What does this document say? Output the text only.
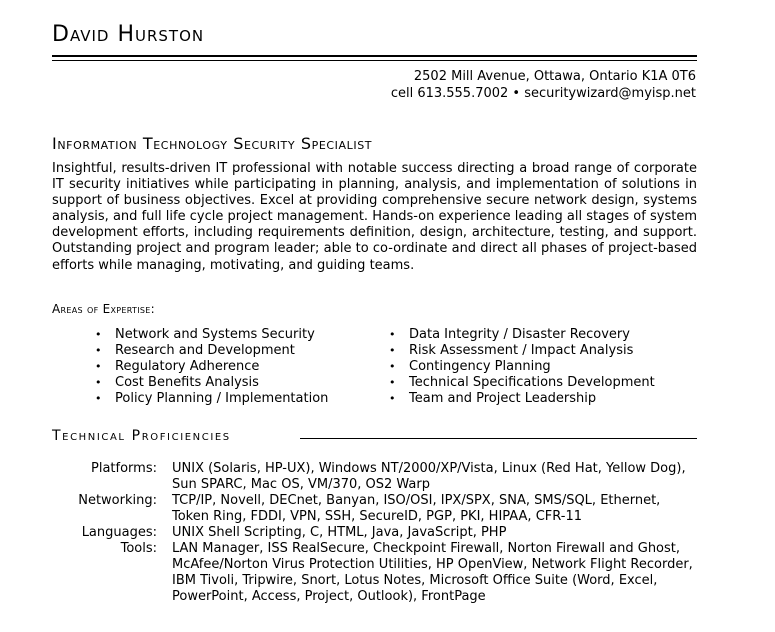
David Hurston
2502 Mill Avenue, Ottawa, Ontario K1A 0T6
cell 613.555.7002 • securitywizard@myisp.net
Information Technology Security Specialist

Insightful, results-driven IT professional with notable success directing a broad range of corporate IT security initiatives while participating in planning, analysis, and implementation of solutions in support of business objectives. Excel at providing comprehensive secure network design, systems analysis, and full life cycle project management. Hands-on experience leading all stages of system development efforts, including requirements definition, design, architecture, testing, and support. Outstanding project and program leader; able to co-ordinate and direct all phases of project-based efforts while managing, motivating, and guiding teams.

Areas of Expertise:
• Network and Systems Security
• Research and Development
• Regulatory Adherence
• Cost Benefits Analysis
• Policy Planning / Implementation
• Data Integrity / Disaster Recovery
• Risk Assessment / Impact Analysis
• Contingency Planning
• Technical Specifications Development
• Team and Project Leadership
Technical Proficiencies
Platforms: UNIX (Solaris, HP-UX), Windows NT/2000/XP/Vista, Linux (Red Hat, Yellow Dog), Sun SPARC, Mac OS, VM/370, OS2 Warp
Networking: TCP/IP, Novell, DECnet, Banyan, ISO/OSI, IPX/SPX, SNA, SMS/SQL, Ethernet, Token Ring, FDDI, VPN, SSH, SecureID, PGP, PKI, HIPAA, CFR-11
Languages: UNIX Shell Scripting, C, HTML, Java, JavaScript, PHP
Tools: LAN Manager, ISS RealSecure, Checkpoint Firewall, Norton Firewall and Ghost, McAfee/Norton Virus Protection Utilities, HP OpenView, Network Flight Recorder, IBM Tivoli, Tripwire, Snort, Lotus Notes, Microsoft Office Suite (Word, Excel, PowerPoint, Access, Project, Outlook), FrontPage
